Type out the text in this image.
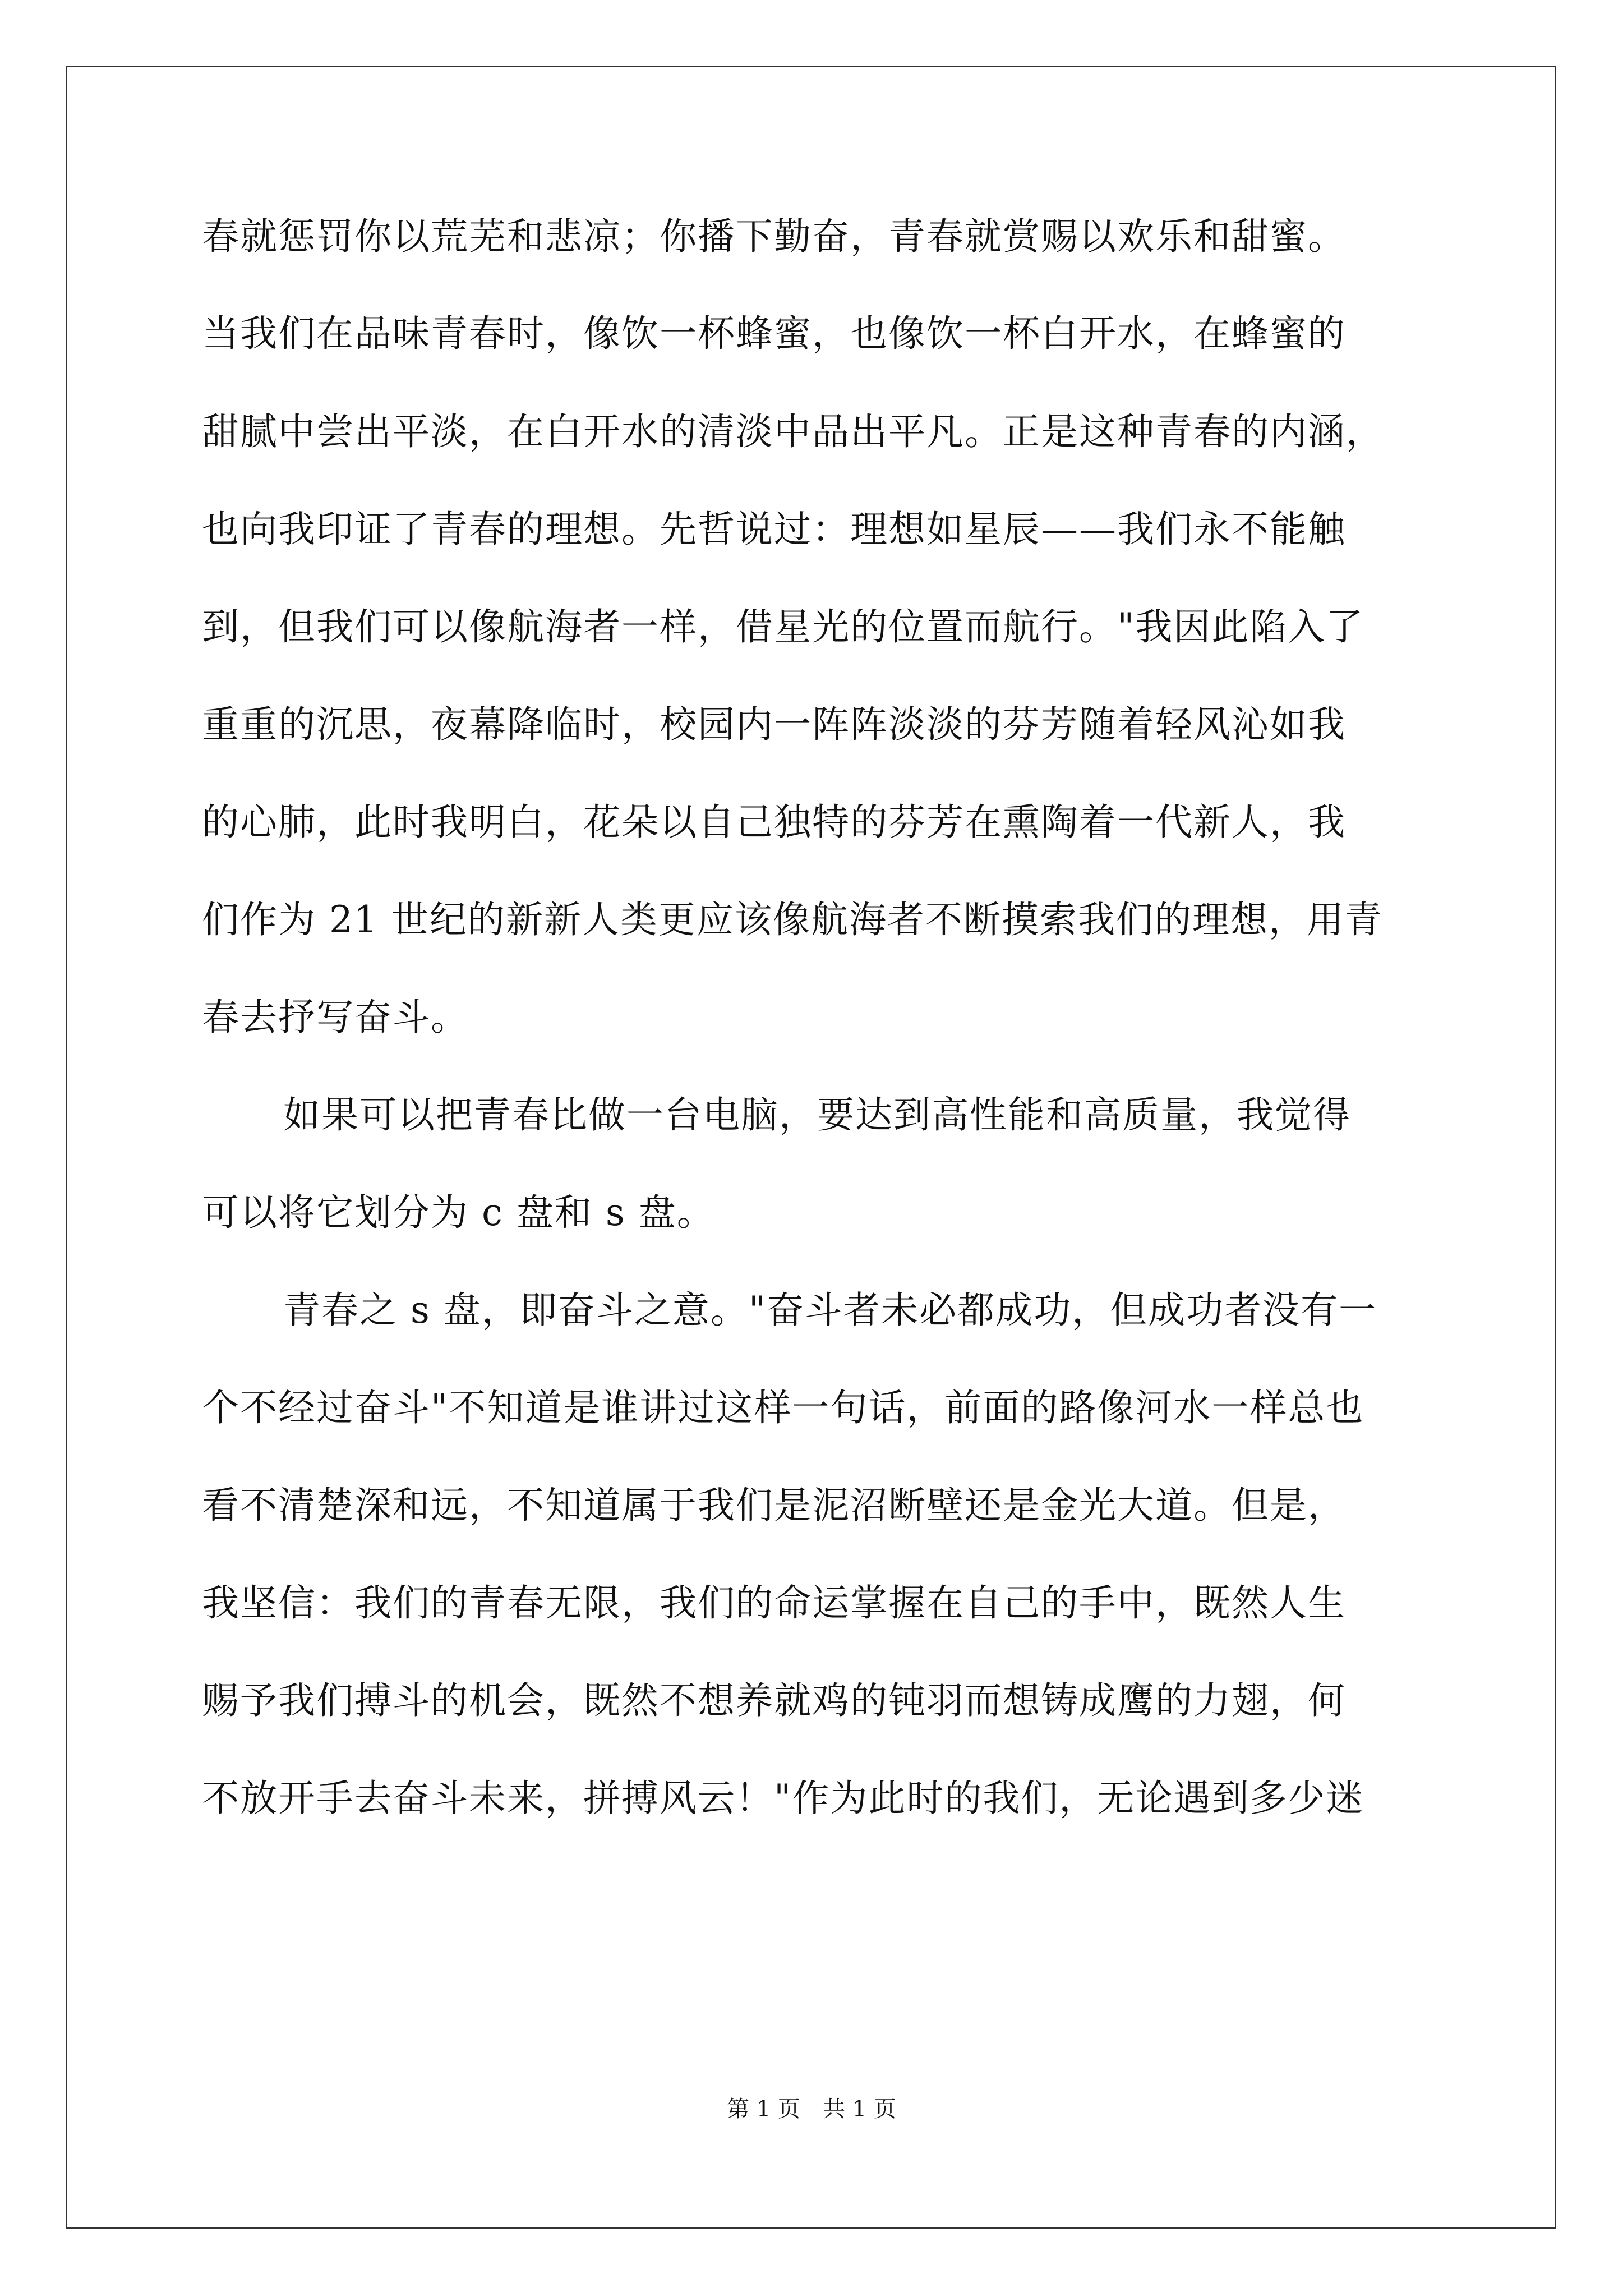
春就惩罚你以荒芜和悲凉；你播下勤奋，青春就赏赐以欢乐和甜蜜。
当我们在品味青春时，像饮一杯蜂蜜，也像饮一杯白开水，在蜂蜜的
甜腻中尝出平淡，在白开水的清淡中品出平凡。正是这种青春的内涵，
也向我印证了青春的理想。先哲说过：理想如星辰——我们永不能触
到，但我们可以像航海者一样，借星光的位置而航行。"我因此陷入了
重重的沉思，夜幕降临时，校园内一阵阵淡淡的芬芳随着轻风沁如我
的心肺，此时我明白，花朵以自己独特的芬芳在熏陶着一代新人，我
们作为 21 世纪的新新人类更应该像航海者不断摸索我们的理想，用青
春去抒写奋斗。
如果可以把青春比做一台电脑，要达到高性能和高质量，我觉得
可以将它划分为 c 盘和 s 盘。
青春之 s 盘，即奋斗之意。"奋斗者未必都成功，但成功者没有一
个不经过奋斗"不知道是谁讲过这样一句话，前面的路像河水一样总也
看不清楚深和远，不知道属于我们是泥沼断壁还是金光大道。但是，
我坚信：我们的青春无限，我们的命运掌握在自己的手中，既然人生
赐予我们搏斗的机会，既然不想养就鸡的钝羽而想铸成鹰的力翅，何
不放开手去奋斗未来，拼搏风云！"作为此时的我们，无论遇到多少迷
第 1 页　共 1 页
